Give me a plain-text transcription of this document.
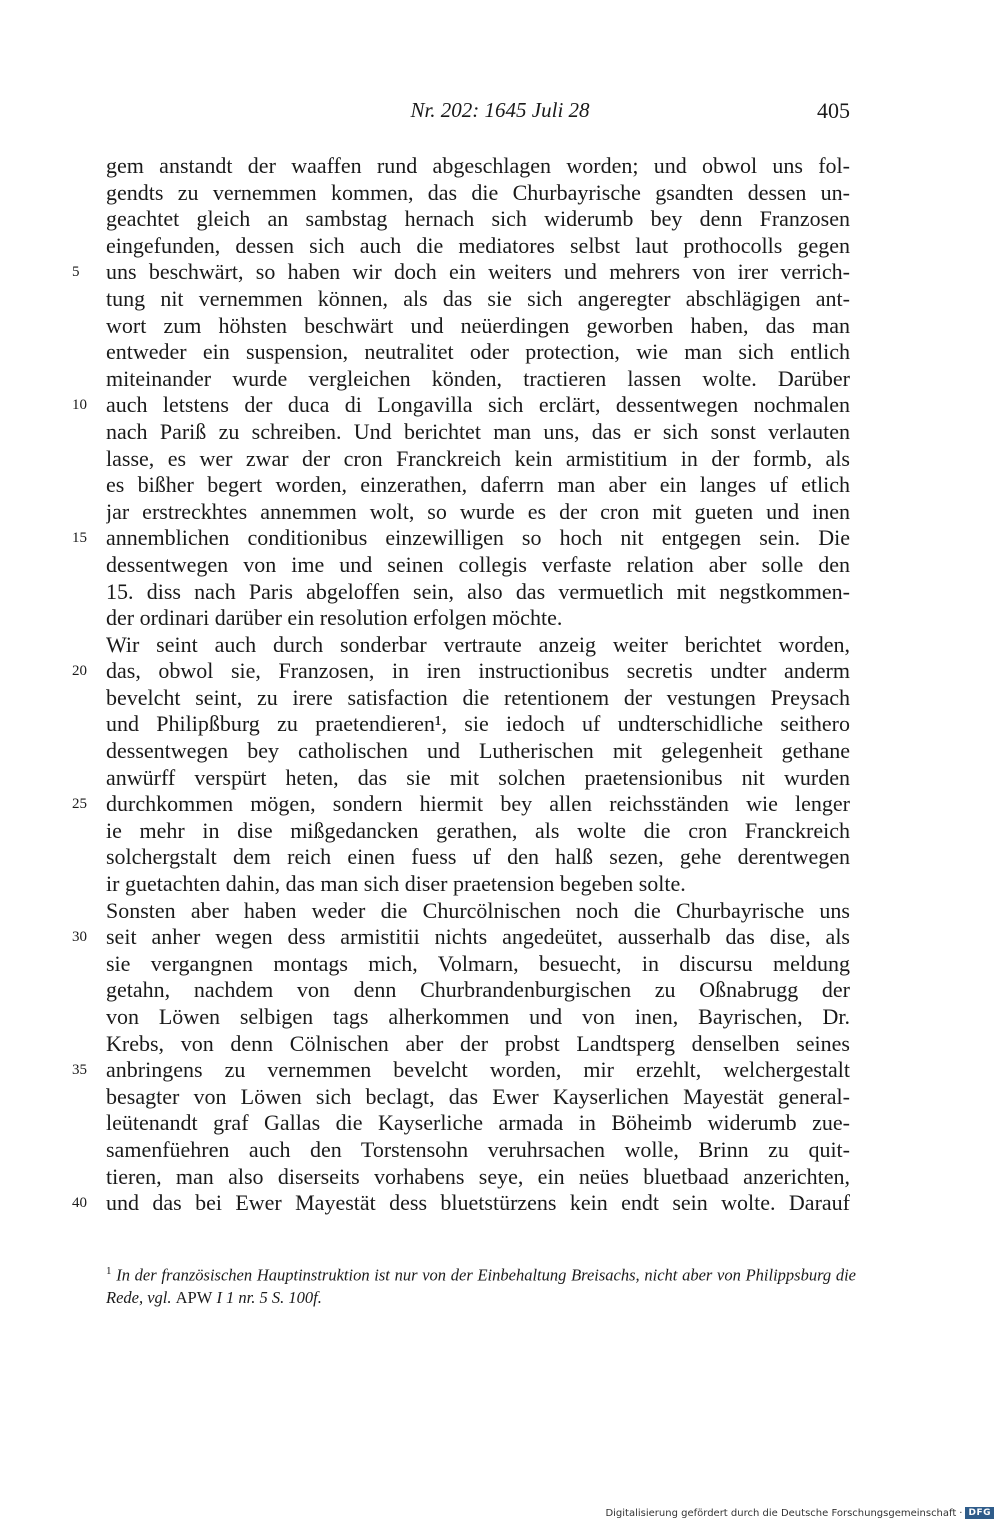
Nr. 202: 1645 Juli 28	405
gem anstandt der waaffen rund abgeschlagen worden; und obwol uns fol-
gendts zu vernemmen kommen, das die Churbayrische gsandten dessen un-
geachtet gleich an sambstag hernach sich widerumb bey denn Franzosen
eingefunden, dessen sich auch die mediatores selbst laut prothocolls gegen
5	uns beschwärt, so haben wir doch ein weiters und mehrers von irer verrich-
tung nit vernemmen können, als das sie sich angeregter abschlägigen ant-
wort zum höhsten beschwärt und neüerdingen geworben haben, das man
entweder ein suspension, neutralitet oder protection, wie man sich entlich
miteinander wurde vergleichen könden, tractieren lassen wolte. Darüber
10 auch letstens der duca di Longavilla sich erclärt, dessentwegen nochmalen
nach Pariß zu schreiben. Und berichtet man uns, das er sich sonst verlauten
lasse, es wer zwar der cron Franckreich kein armistitium in der formb, als
es bißher begert worden, einzerathen, daferrn man aber ein langes uf etlich
jar erstreckhtes annemmen wolt, so wurde es der cron mit gueten und inen
15 annemblichen conditionibus einzewilligen so hoch nit entgegen sein. Die
dessentwegen von ime und seinen collegis verfaste relation aber solle den
15. diss nach Paris abgeloffen sein, also das vermuetlich mit negstkommen-
der ordinari darüber ein resolution erfolgen möchte.
Wir seint auch durch sonderbar vertraute anzeig weiter berichtet worden,
20 das, obwol sie, Franzosen, in iren instructionibus secretis undter anderm
bevelcht seint, zu irere satisfaction die retentionem der vestungen Preysach
und Philipßburg zu praetendieren¹, sie iedoch uf undterschidliche seithero
dessentwegen bey catholischen und Lutherischen mit gelegenheit gethane
anwürff verspürt heten, das sie mit solchen praetensionibus nit wurden
25 durchkommen mögen, sondern hiermit bey allen reichsständen wie lenger
ie mehr in dise mißgedancken gerathen, als wolte die cron Franckreich
solchergstalt dem reich einen fuess uf den halß sezen, gehe derentwegen
ir guetachten dahin, das man sich diser praetension begeben solte.
Sonsten aber haben weder die Churcölnischen noch die Churbayrische uns
30 seit anher wegen dess armistitii nichts angedeütet, ausserhalb das dise, als
sie vergangnen montags mich, Volmarn, besuecht, in discursu meldung
getahn, nachdem von denn Churbrandenburgischen zu Oßnabrugg der
von Löwen selbigen tags alherkommen und von inen, Bayrischen, Dr.
Krebs, von denn Cölnischen aber der probst Landtsperg denselben seines
35 anbringens zu vernemmen bevelcht worden, mir erzehlt, welchergestalt
besagter von Löwen sich beclagt, das Ewer Kayserlichen Mayestät general-
leütenandt graf Gallas die Kayserliche armada in Böheimb widerumb zue-
samenfüehren auch den Torstensohn veruhrsachen wolle, Brinn zu quit-
tieren, man also diserseits vorhabens seye, ein neües bluetbaad anzerichten,
40 und das bei Ewer Mayestät dess bluetstürzens kein endt sein wolte. Darauf
$^1$ In der französischen Hauptinstruktion ist nur von der Einbehaltung Breisachs, nicht aber von Philippsburg die Rede, vgl. APW I 1 nr. 5 S. 100f.
Digitalisierung gefördert durch die Deutsche Forschungsgemeinschaft · DFG
